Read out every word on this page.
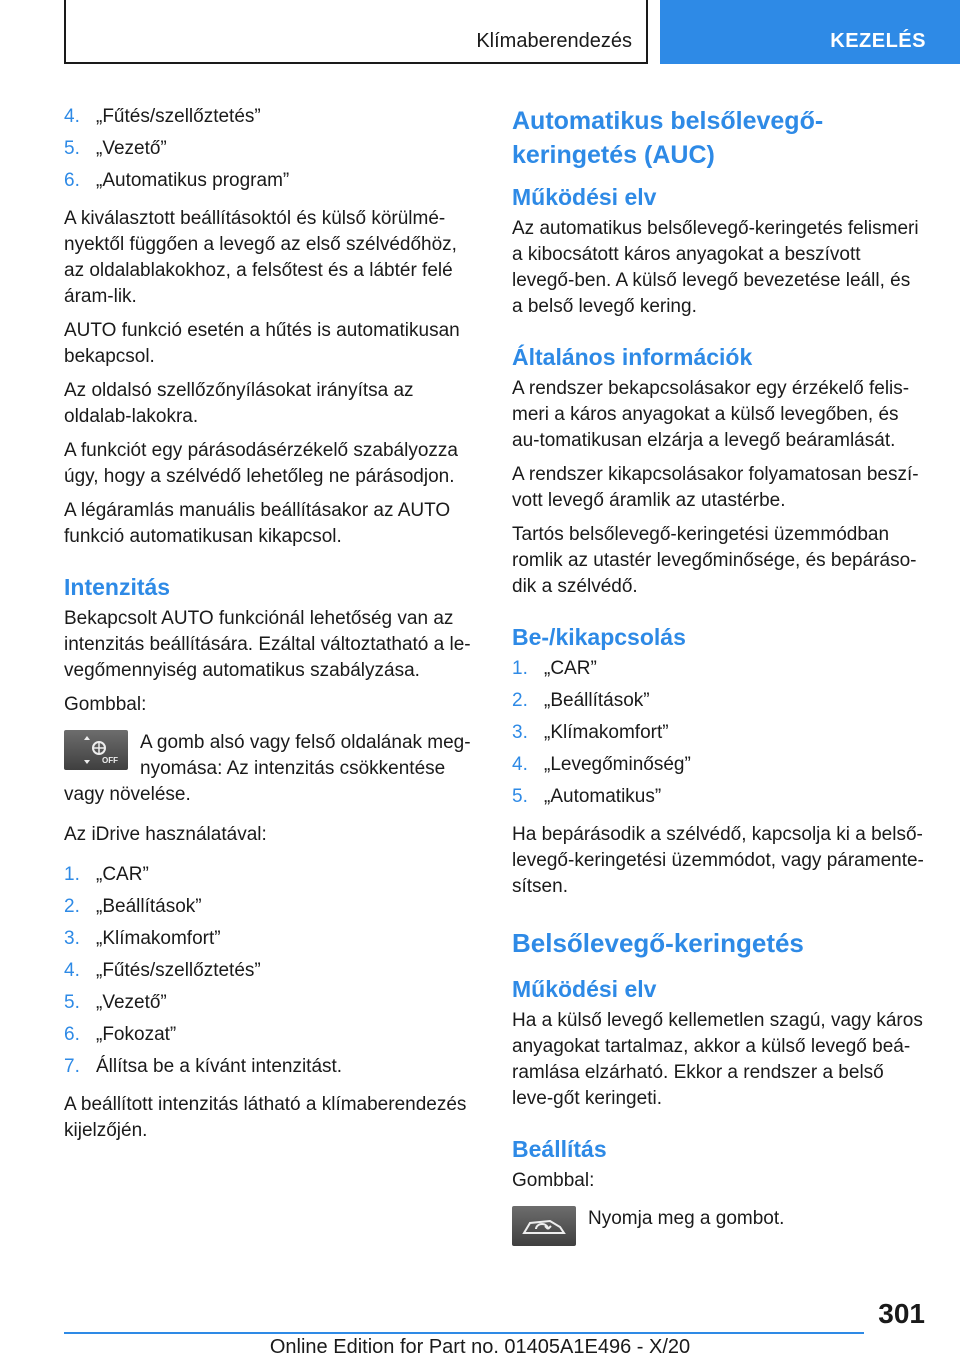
Klímaberendezés	KEZELÉS
4. „Fűtés/szellőztetés”
5. „Vezető”
6. „Automatikus program”

A kiválasztott beállításoktól és külső körülmé-nyektől függően a levegő az első szélvédőhöz, az oldalablakokhoz, a felsőtest és a lábtér felé áram-lik.

AUTO funkció esetén a hűtés is automatikusan bekapcsol.

Az oldalsó szellőzőnyílásokat irányítsa az oldalab-lakokra.

A funkciót egy párásodásérzékelő szabályozza úgy, hogy a szélvédő lehetőleg ne párásodjon.

A légáramlás manuális beállításakor az AUTO funkció automatikusan kikapcsol.

Intenzitás

Bekapcsolt AUTO funkciónál lehetőség van az intenzitás beállítására. Ezáltal változtatható a le-vegőmennyiség automatikus szabályzása.

Gombbal:

OFF
A gomb alsó vagy felső oldalának meg-nyomása: Az intenzitás csökkentése vagy növelése.

Az iDrive használatával:

1. „CAR”
2. „Beállítások”
3. „Klímakomfort”
4. „Fűtés/szellőztetés”
5. „Vezető”
6. „Fokozat”
7. Állítsa be a kívánt intenzitást.

A beállított intenzitás látható a klímaberendezés kijelzőjén.

Automatikus belsőlevegő-keringetés (AUC)
Működési elv

Az automatikus belsőlevegő-keringetés felismeri a kibocsátott káros anyagokat a beszívott levegő-ben. A külső levegő bevezetése leáll, és a belső levegő kering.

Általános információk

A rendszer bekapcsolásakor egy érzékelő felis-meri a káros anyagokat a külső levegőben, és au-tomatikusan elzárja a levegő beáramlását.

A rendszer kikapcsolásakor folyamatosan beszí-vott levegő áramlik az utastérbe.

Tartós belsőlevegő-keringetési üzemmódban romlik az utastér levegőminősége, és bepáráso-dik a szélvédő.

Be-/kikapcsolás
1. „CAR”
2. „Beállítások”
3. „Klímakomfort”
4. „Levegőminőség”
5. „Automatikus”

Ha bepárásodik a szélvédő, kapcsolja ki a belső-levegő-keringetési üzemmódot, vagy páramente-sítsen.

Belsőlevegő-keringetés
Működési elv

Ha a külső levegő kellemetlen szagú, vagy káros anyagokat tartalmaz, akkor a külső levegő beá-ramlása elzárható. Ekkor a rendszer a belső leve-gőt keringeti.

Beállítás

Gombbal:

Nyomja meg a gombot.
301
Online Edition for Part no. 01405A1E496 - X/20
